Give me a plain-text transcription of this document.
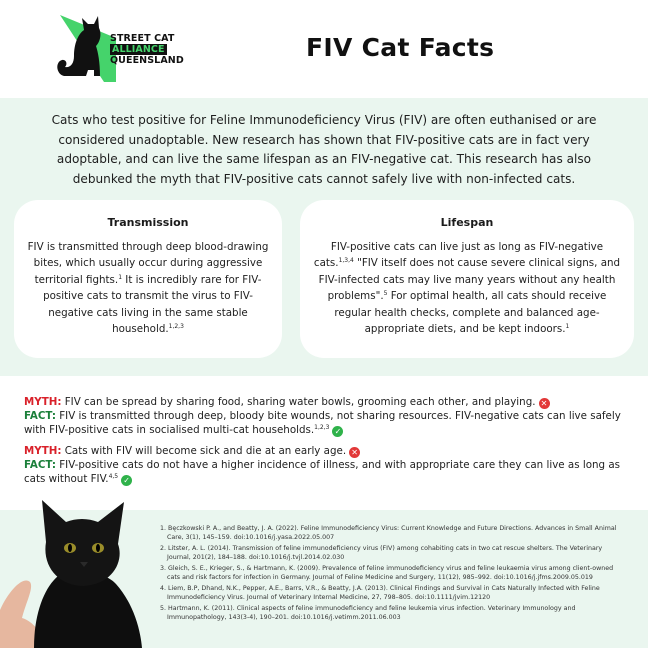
STREET CAT
ALLIANCE
QUEENSLAND	FIV Cat Facts

Cats who test positive for Feline Immunodeficiency Virus (FIV) are often euthanised or are considered unadoptable. New research has shown that FIV-positive cats are in fact very adoptable, and can live the same lifespan as an FIV-negative cat. This research has also debunked the myth that FIV-positive cats cannot safely live with non-infected cats.

Transmission

FIV is transmitted through deep blood-drawing bites, which usually occur during aggressive territorial fights.$^1$ It is incredibly rare for FIV-positive cats to transmit the virus to FIV-negative cats living in the same stable household.$^{1,2,3}$

Lifespan

FIV-positive cats can live just as long as FIV-negative cats.$^{1,3,4}$ "FIV itself does not cause severe clinical signs, and FIV-infected cats may live many years without any health problems".$^5$ For optimal health, all cats should receive regular health checks, complete and balanced age-appropriate diets, and be kept indoors.$^1$

MYTH: FIV can be spread by sharing food, sharing water bowls, grooming each other, and playing. ✕
FACT: FIV is transmitted through deep, bloody bite wounds, not sharing resources. FIV-negative cats can live safely with FIV-positive cats in socialised multi-cat households.$^{1,2,3}$ ✓
MYTH: Cats with FIV will become sick and die at an early age. ✕
FACT: FIV-positive cats do not have a higher incidence of illness, and with appropriate care they can live as long as cats without FIV.$^{4,5}$ ✓
1. Bęczkowski P. A., and Beatty, J. A. (2022). Feline Immunodeficiency Virus: Current Knowledge and Future Directions. Advances in Small Animal Care, 3(1), 145–159. doi:10.1016/j.yasa.2022.05.007
2. Litster, A. L. (2014). Transmission of feline immunodeficiency virus (FIV) among cohabiting cats in two cat rescue shelters. The Veterinary Journal, 201(2), 184–188. doi:10.1016/j.tvjl.2014.02.030
3. Gleich, S. E., Krieger, S., & Hartmann, K. (2009). Prevalence of feline immunodeficiency virus and feline leukaemia virus among client-owned cats and risk factors for infection in Germany. Journal of Feline Medicine and Surgery, 11(12), 985–992. doi:10.1016/j.jfms.2009.05.019
4. Liem, B.P, Dhand, N.K., Pepper, A.E., Barrs, V.R., & Beatty, J.A. (2013). Clinical Findings and Survival in Cats Naturally Infected with Feline Immunodeficiency Virus. Journal of Veterinary Internal Medicine, 27, 798–805. doi:10.1111/jvim.12120
5. Hartmann, K. (2011). Clinical aspects of feline immunodeficiency and feline leukemia virus infection. Veterinary Immunology and Immunopathology, 143(3-4), 190–201. doi:10.1016/j.vetimm.2011.06.003
